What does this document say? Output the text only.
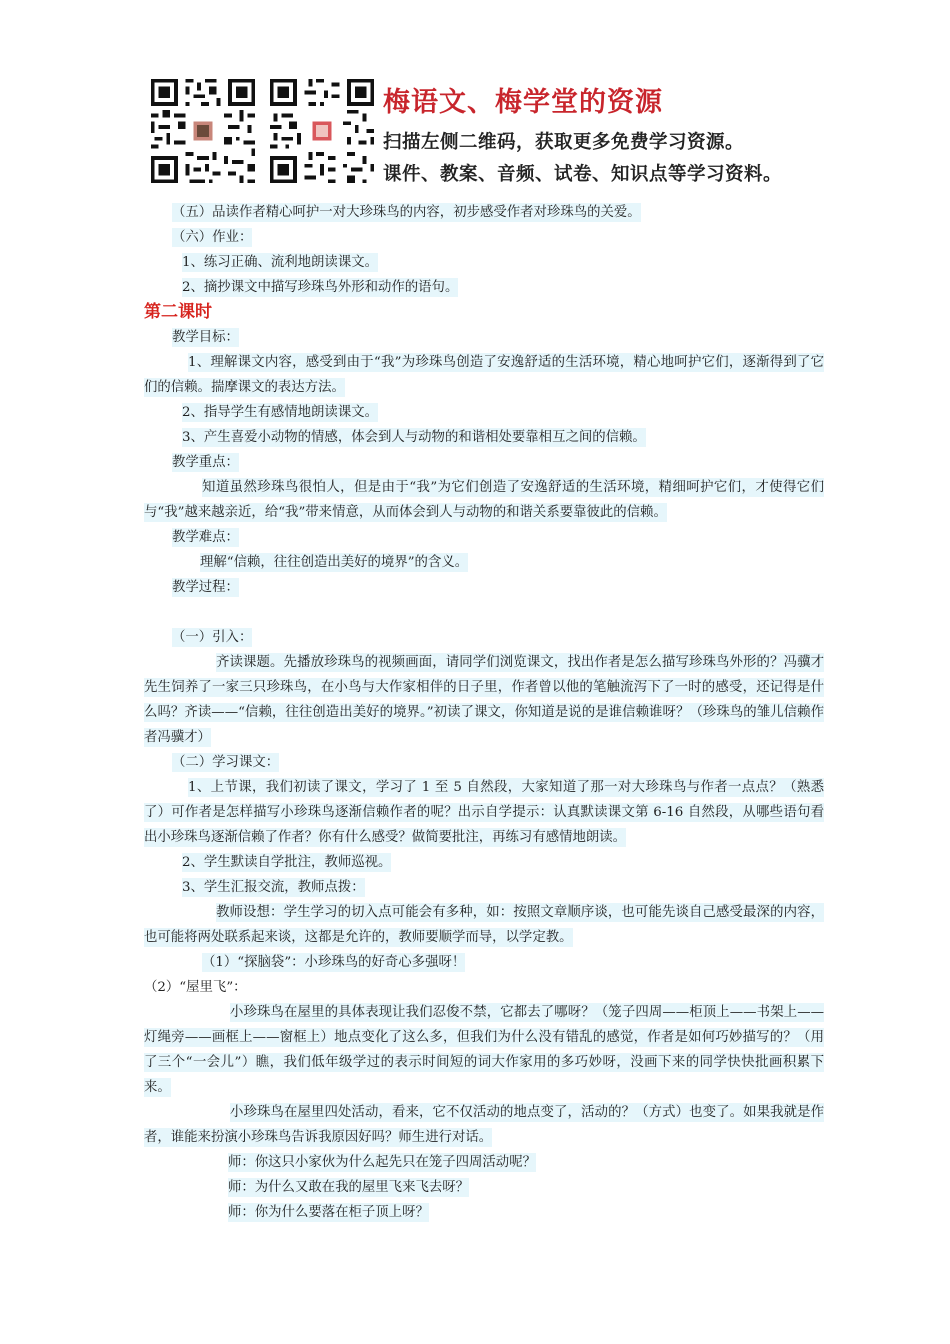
梅语文、梅学堂的资源
扫描左侧二维码，获取更多免费学习资源。
课件、教案、音频、试卷、知识点等学习资料。
（五）品读作者精心呵护一对大珍珠鸟的内容，初步感受作者对珍珠鸟的关爱。
（六）作业：
1、练习正确、流利地朗读课文。
2、摘抄课文中描写珍珠鸟外形和动作的语句。
第二课时
教学目标：
1、理解课文内容，感受到由于“我”为珍珠鸟创造了安逸舒适的生活环境，精心地呵护它们，逐渐得到了它们的信赖。揣摩课文的表达方法。
2、指导学生有感情地朗读课文。
3、产生喜爱小动物的情感，体会到人与动物的和谐相处要靠相互之间的信赖。
教学重点：
知道虽然珍珠鸟很怕人，但是由于“我”为它们创造了安逸舒适的生活环境，精细呵护它们，才使得它们与“我”越来越亲近，给“我”带来情意，从而体会到人与动物的和谐关系要靠彼此的信赖。
教学难点：
理解“信赖，往往创造出美好的境界”的含义。
教学过程：
（一）引入：
齐读课题。先播放珍珠鸟的视频画面，请同学们浏览课文，找出作者是怎么描写珍珠鸟外形的？冯骥才先生饲养了一家三只珍珠鸟，在小鸟与大作家相伴的日子里，作者曾以他的笔触流泻下了一时的感受，还记得是什么吗？齐读——“信赖，往往创造出美好的境界。”初读了课文，你知道是说的是谁信赖谁呀？（珍珠鸟的雏儿信赖作者冯骥才）
（二）学习课文：
1、上节课，我们初读了课文，学习了 1 至 5 自然段，大家知道了那一对大珍珠鸟与作者一点点？（熟悉了）可作者是怎样描写小珍珠鸟逐渐信赖作者的呢？出示自学提示：认真默读课文第 6-16 自然段，从哪些语句看出小珍珠鸟逐渐信赖了作者？你有什么感受？做简要批注，再练习有感情地朗读。
2、学生默读自学批注，教师巡视。
3、学生汇报交流，教师点拨：
教师设想：学生学习的切入点可能会有多种，如：按照文章顺序谈，也可能先谈自己感受最深的内容，也可能将两处联系起来谈，这都是允许的，教师要顺学而导，以学定教。
（1）“探脑袋”：小珍珠鸟的好奇心多强呀！
（2）“屋里飞”：
小珍珠鸟在屋里的具体表现让我们忍俊不禁，它都去了哪呀？（笼子四周——柜顶上——书架上——灯绳旁——画框上——窗框上）地点变化了这么多，但我们为什么没有错乱的感觉，作者是如何巧妙描写的？（用了三个“一会儿”）瞧，我们低年级学过的表示时间短的词大作家用的多巧妙呀，没画下来的同学快快批画积累下来。
小珍珠鸟在屋里四处活动，看来，它不仅活动的地点变了，活动的？（方式）也变了。如果我就是作者，谁能来扮演小珍珠鸟告诉我原因好吗？师生进行对话。
师：你这只小家伙为什么起先只在笼子四周活动呢？
师：为什么又敢在我的屋里飞来飞去呀？
师：你为什么要落在柜子顶上呀？
